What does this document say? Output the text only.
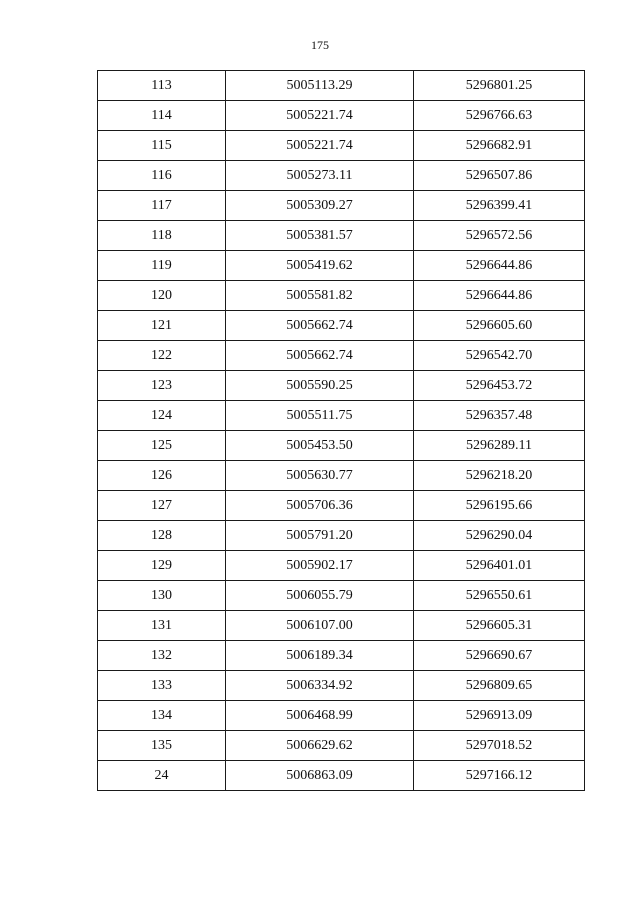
175
113	5005113.29	5296801.25
114	5005221.74	5296766.63
115	5005221.74	5296682.91
116	5005273.11	5296507.86
117	5005309.27	5296399.41
118	5005381.57	5296572.56
119	5005419.62	5296644.86
120	5005581.82	5296644.86
121	5005662.74	5296605.60
122	5005662.74	5296542.70
123	5005590.25	5296453.72
124	5005511.75	5296357.48
125	5005453.50	5296289.11
126	5005630.77	5296218.20
127	5005706.36	5296195.66
128	5005791.20	5296290.04
129	5005902.17	5296401.01
130	5006055.79	5296550.61
131	5006107.00	5296605.31
132	5006189.34	5296690.67
133	5006334.92	5296809.65
134	5006468.99	5296913.09
135	5006629.62	5297018.52
24	5006863.09	5297166.12
